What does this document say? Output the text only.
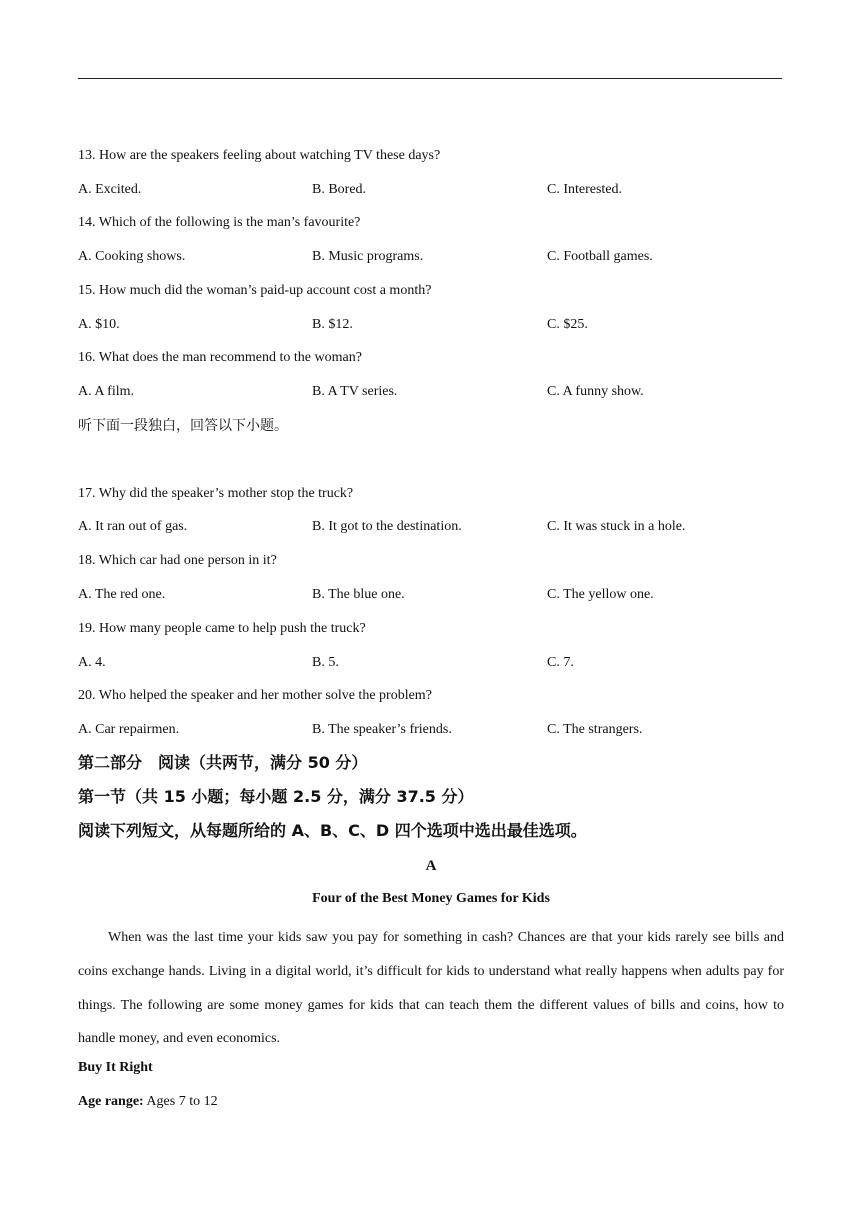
13. How are the speakers feeling about watching TV these days?
A. Excited.	B. Bored.	C. Interested.
14. Which of the following is the man’s favourite?
A. Cooking shows.	B. Music programs.	C. Football games.
15. How much did the woman’s paid-up account cost a month?
A. $10.	B. $12.	C. $25.
16. What does the man recommend to the woman?
A. A film.	B. A TV series.	C. A funny show.
听下面一段独白，回答以下小题。
17. Why did the speaker’s mother stop the truck?
A. It ran out of gas.	B. It got to the destination.	C. It was stuck in a hole.
18. Which car had one person in it?
A. The red one.	B. The blue one.	C. The yellow one.
19. How many people came to help push the truck?
A. 4.	B. 5.	C. 7.
20. Who helped the speaker and her mother solve the problem?
A. Car repairmen.	B. The speaker’s friends.	C. The strangers.
第二部分　阅读（共两节，满分 50 分）
第一节（共 15 小题；每小题 2.5 分，满分 37.5 分）
阅读下列短文，从每题所给的 A、B、C、D 四个选项中选出最佳选项。
A
Four of the Best Money Games for Kids
When was the last time your kids saw you pay for something in cash? Chances are that your kids rarely see bills and coins exchange hands. Living in a digital world, it’s difficult for kids to understand what really happens when adults pay for things. The following are some money games for kids that can teach them the different values of bills and coins, how to handle money, and even economics.
Buy It Right
Age range: Ages 7 to 12
